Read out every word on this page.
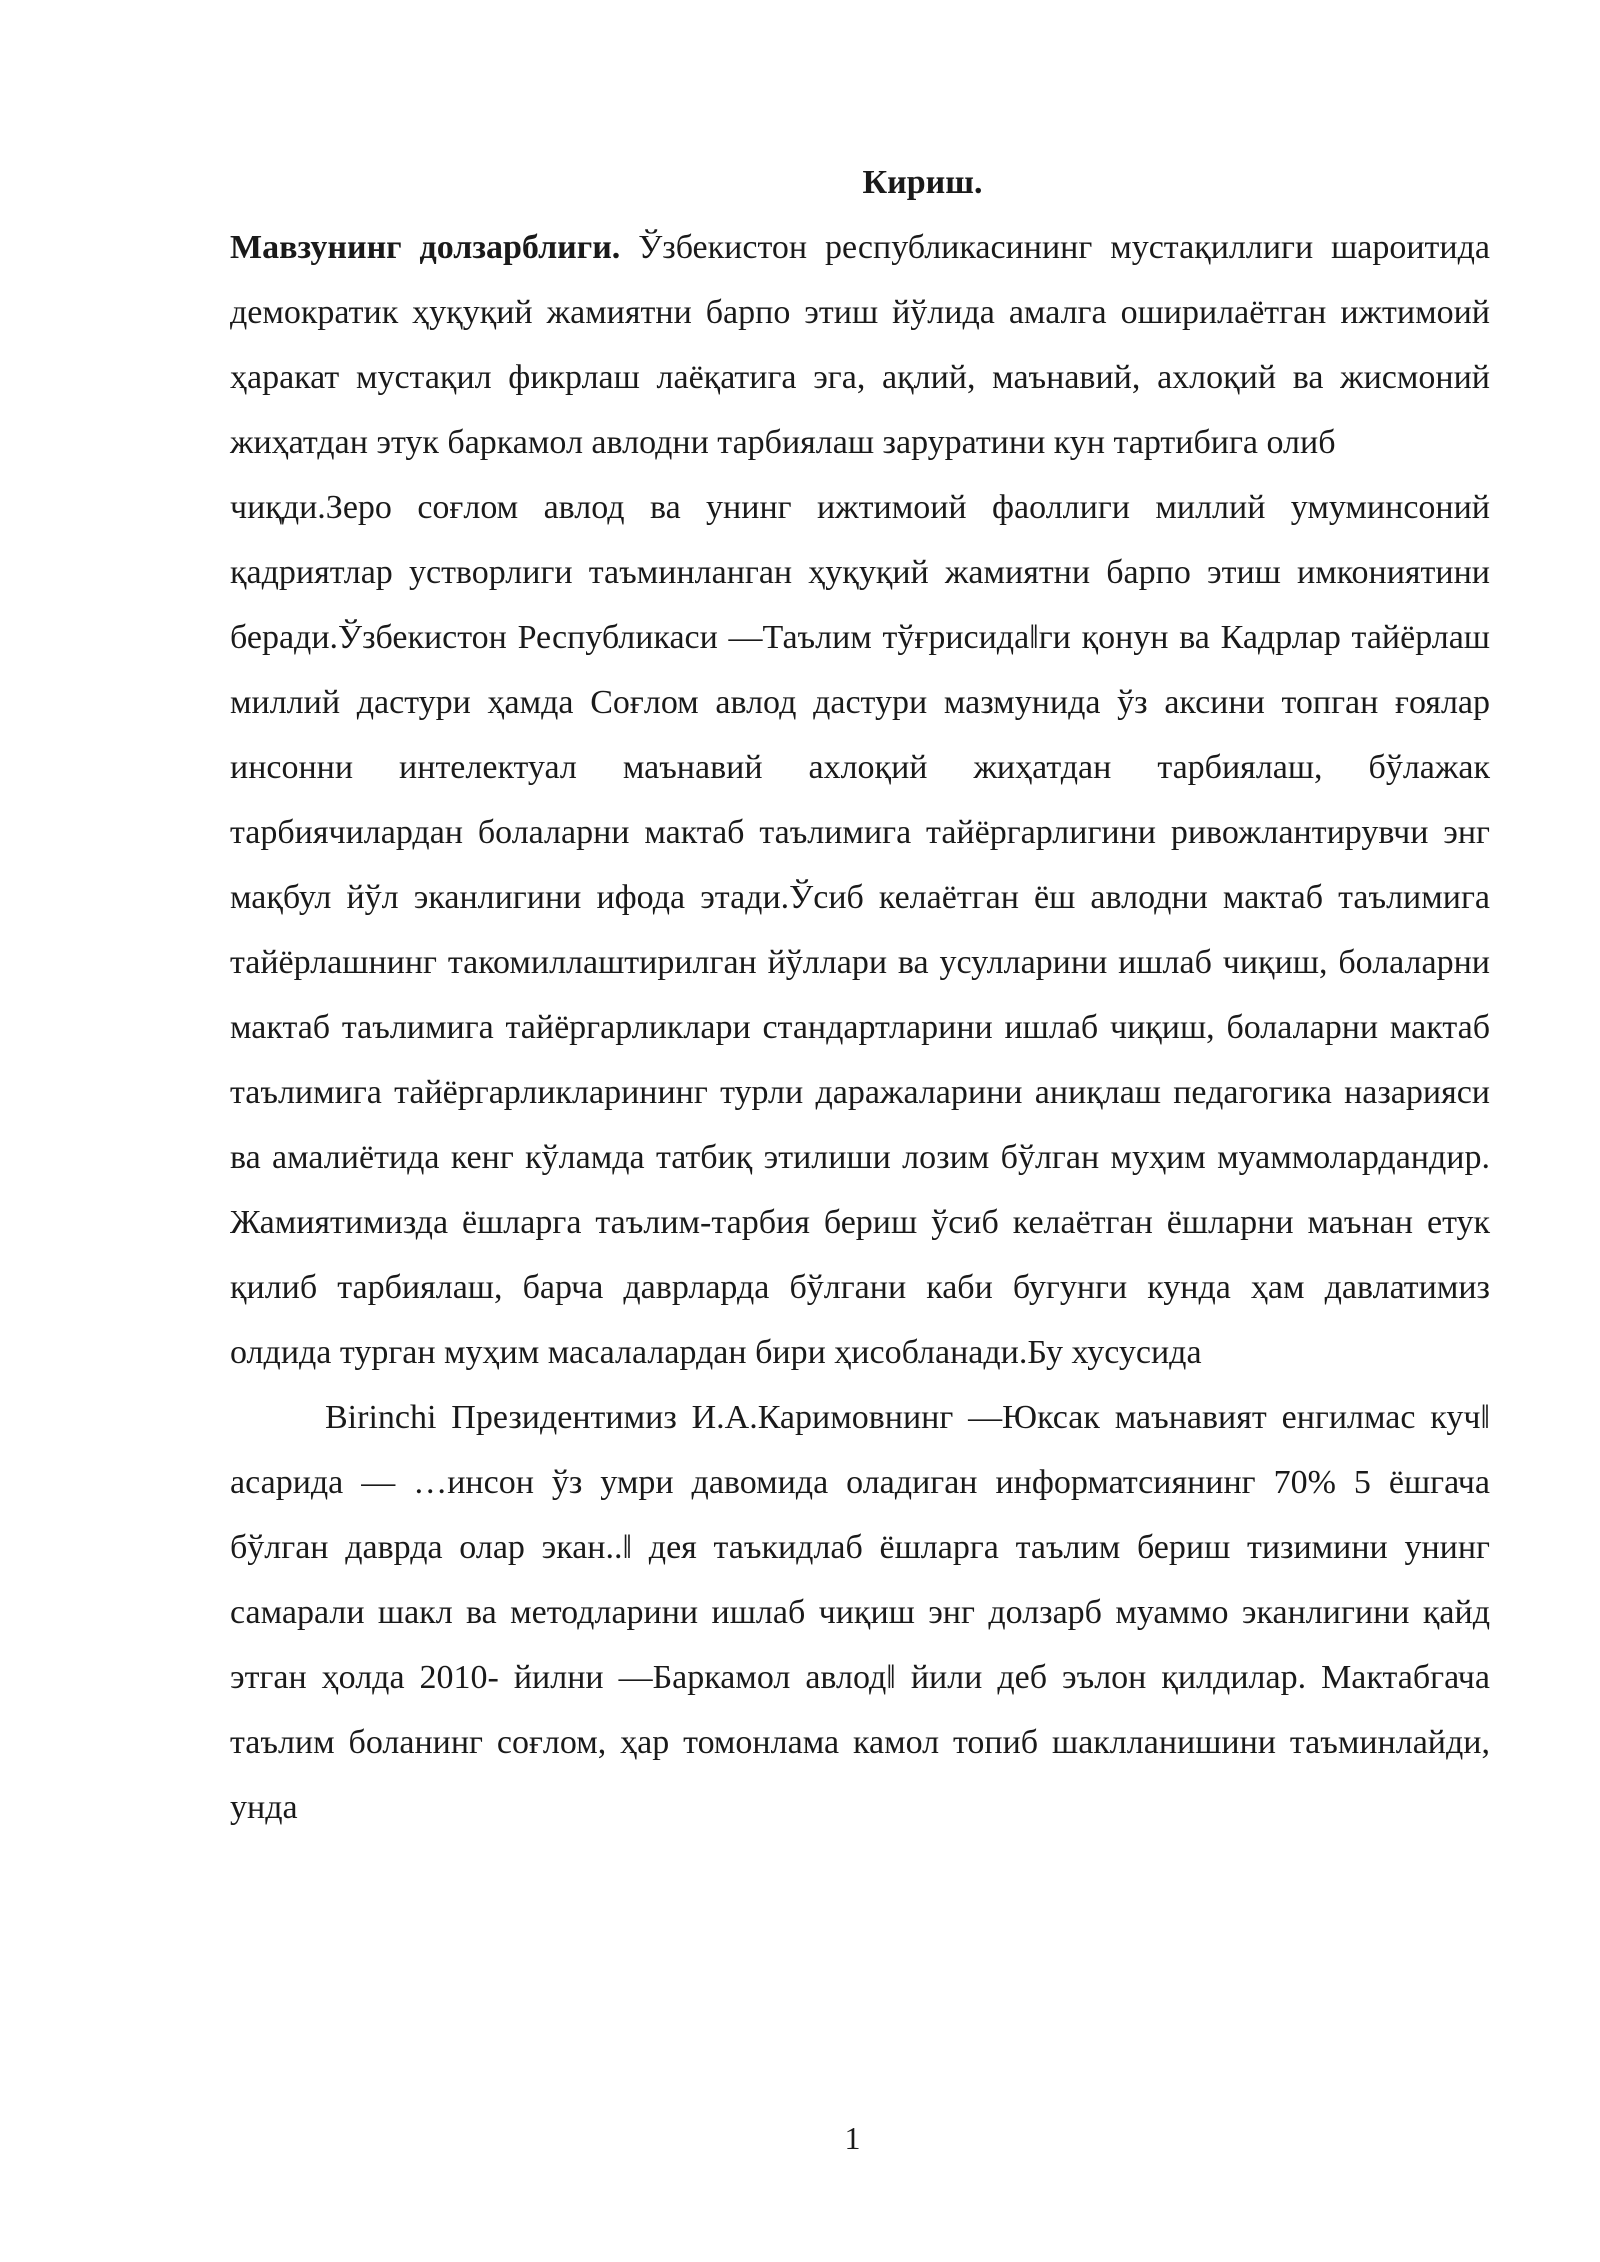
Кириш.

Мавзунинг долзарблиги. Ўзбекистон республикасининг мустақиллиги шароитида демократик ҳуқуқий жамиятни барпо этиш йўлида амалга оширилаётган ижтимоий ҳаракат мустақил фикрлаш лаёқатига эга, ақлий, маънавий, ахлоқий ва жисмоний жиҳатдан этук баркамол авлодни тарбиялаш заруратини кун тартибига олиб

чиқди.Зеро соғлом авлод ва унинг ижтимоий фаоллиги миллий умуминсоний қадриятлар устворлиги таъминланган ҳуқуқий жамиятни барпо этиш имкониятини беради.Ўзбекистон Республикаси ―Таълим тўғрисида‖ги қонун ва Кадрлар тайёрлаш миллий дастури ҳамда Соғлом авлод дастури мазмунида ўз аксини топган ғоялар инсонни интелектуал маънавий ахлоқий жиҳатдан тарбиялаш, бўлажак тарбиячилардан болаларни мактаб таълимига тайёргарлигини ривожлантирувчи энг мақбул йўл эканлигини ифода этади.Ўсиб келаётган ёш авлодни мактаб таълимига тайёрлашнинг такомиллаштирилган йўллари ва усулларини ишлаб чиқиш, болаларни мактаб таълимига тайёргарликлари стандартларини ишлаб чиқиш, болаларни мактаб таълимига тайёргарликларининг турли даражаларини аниқлаш педагогика назарияси ва амалиётида кенг кўламда татбиқ этилиши лозим бўлган муҳим муаммолардандир. Жамиятимизда ёшларга таълим-тарбия бериш ўсиб келаётган ёшларни маънан етук қилиб тарбиялаш, барча даврларда бўлгани каби бугунги кунда ҳам давлатимиз олдида турган муҳим масалалардан бири ҳисобланади.Бу хусусида

Birinchi Президентимиз И.А.Каримовнинг ―Юксак маънавият енгилмас куч‖ асарида ― …инсон ўз умри давомида оладиган информатсиянинг 70% 5 ёшгача бўлган даврда олар экан..‖ дея таъкидлаб ёшларга таълим бериш тизимини унинг самарали шакл ва методларини ишлаб чиқиш энг долзарб муаммо эканлигини қайд этган ҳолда 2010- йилни ―Баркамол авлод‖ йили деб эълон қилдилар. Мактабгача таълим боланинг соғлом, ҳар томонлама камол топиб шаклланишини таъминлайди, унда

1
